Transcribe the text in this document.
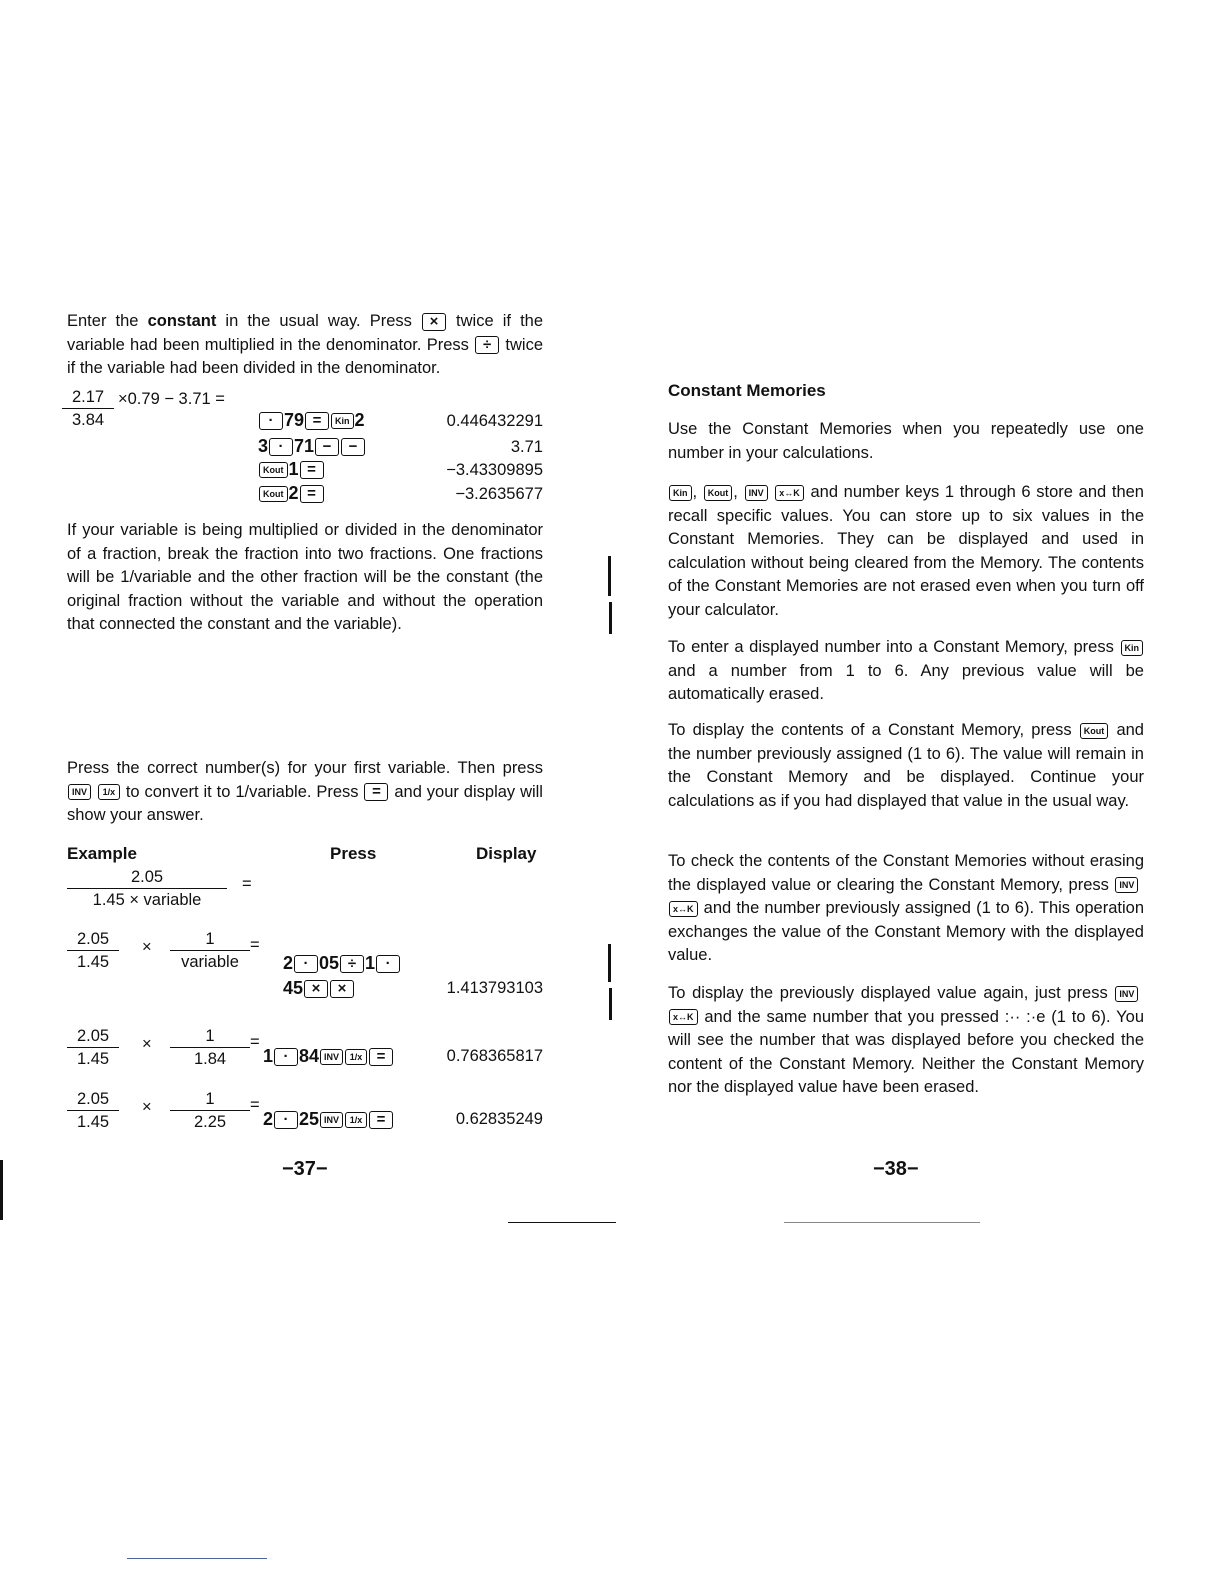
$\frac{2.17}{3.84} \times 0.79 - 3.71$ =
· 79 = Kin 2	0.446432291
3 · 71 − −	3.71
Kout 1 =	−3.43309895
Kout 2 =	−3.2635677
If your variable is being multiplied or divided in the denominator of a fraction, break the fraction into two fractions. One fractions will be 1/variable and the other fraction will be the constant (the original fraction without the variable and without the operation that connected the constant and the variable).
Enter the constant in the usual way. Press × twice if the variable had been multiplied in the denominator. Press ÷ twice if the variable had been divided in the denominator.
Press the correct number(s) for your first variable. Then press INV 1/x to convert it to 1/variable. Press = and your display will show your answer.
Example	Press	Display
2.05
1.45 × variable
=
$\frac{2.05}{1.45}$ ×	1
variable
=
2 · 05 ÷ 1 ·
45 × ×	1.413793103
$\frac{2.05}{1.45} \times \frac{1}{1.84}$ =
1 · 84 INV 1/x =	0.768365817
$\frac{2.05}{1.45} \times \frac{1}{2.25}$ =
2 · 25 INV 1/x =	0.62835249
−37−
Constant Memories
Use the Constant Memories when you repeatedly use one number in your calculations.
Kin , Kout , INV x↔K and number keys 1 through 6 store and then recall specific values. You can store up to six values in the Constant Memories. They can be displayed and used in calculation without being cleared from the Memory. The contents of the Constant Memories are not erased even when you turn off your calculator.
To enter a displayed number into a Constant Memory, press Kin and a number from 1 to 6. Any previous value will be automatically erased.
To display the contents of a Constant Memory, press Kout and the number previously assigned (1 to 6). The value will remain in the Constant Memory and be displayed. Continue your calculations as if you had displayed that value in the usual way.
To check the contents of the Constant Memories without erasing the displayed value or clearing the Constant Memory, press INV x↔K and the number previously assigned (1 to 6). This operation exchanges the value of the Constant Memory with the displayed value.
To display the previously displayed value again, just press INV x↔K and the same number that you pressed :·· :·e (1 to 6). You will see the number that was displayed before you checked the content of the Constant Memory. Neither the Constant Memory nor the displayed value have been erased.
−38−
